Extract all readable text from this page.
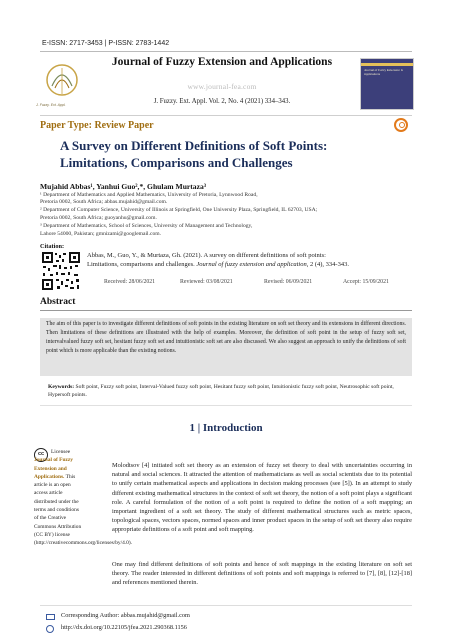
E-ISSN: 2717-3453 | P-ISSN: 2783-1442
J. Fuzzy. Ext. Appl.
Journal of Fuzzy Extension and Applications
www.journal-fea.com
J. Fuzzy. Ext. Appl. Vol. 2, No. 4 (2021) 334–343.
Journal of Fuzzy Extension & Applications
Paper Type: Review Paper
A Survey on Different Definitions of Soft Points:
Limitations, Comparisons and Challenges
Mujahid Abbas¹, Yanhui Guo²,*, Ghulam Murtaza³
¹ Department of Mathematics and Applied Mathematics, University of Pretoria, Lynnwood Road,
Pretoria 0002, South Africa; abbas.mujahid@gmail.com.
² Department of Computer Science, University of Illinois at Springfield, One University Plaza, Springfield, IL 62703, USA;
Pretoria 0002, South Africa; guoyanhu@gmail.com.
³ Department of Mathematics, School of Sciences, University of Management and Technology,
Lahore 54000, Pakistan; gmnizami@googlemail.com.
Citation:
Abbas, M., Guo, Y., & Murtaza, Gh. (2021). A survey on different definitions of soft points:
Limitations, comparisons and challenges. Journal of fuzzy extension and application, 2 (4), 334-343.
Received: 28/06/2021	Reviewed: 03/08/2021	Revised: 06/09/2021	Accept: 15/09/2021
Abstract
The aim of this paper is to investigate different definitions of soft points in the existing literature on soft set theory and its extensions in different directions. Then limitations of these definitions are illustrated with the help of examples. Moreover, the definition of soft point in the setup of fuzzy soft set, intervalvalued fuzzy soft set, hesitant fuzzy soft set and intuitionistic soft set are also discussed. We also suggest an approach to unify the definitions of soft point which is more applicable than the existing notions.
Keywords: Soft point, Fuzzy soft point, Interval-Valued fuzzy soft point, Hesitant fuzzy soft point, Intuitionistic fuzzy soft point, Neutrosophic soft point, Hypersoft points.
1 | Introduction
cc	Licensee Journal of Fuzzy Extension and Applications. This article is an open access article distributed under the terms and conditions of the Creative Commons Attribution (CC BY) license (http://creativecommons.org/licenses/by/4.0).
Molodtsov [4] initiated soft set theory as an extension of fuzzy set theory to deal with uncertainties occurring in natural and social sciences. It attracted the attention of mathematicians as well as social scientists due to its potential to unify certain mathematical aspects and applications in decision making processes (see [5]). In an attempt to study different existing mathematical structures in the context of soft set theory, the notion of a soft point plays a significant role. A careful formulation of the notion of a soft point is required to define the notion of a soft mapping; an important ingredient of a soft set theory. The study of different mathematical structures such as metric spaces, topological spaces, vectors spaces, normed spaces and inner product spaces in the setup of soft set theory also require appropriate definitions of a soft point and soft mapping.
One may find different definitions of soft points and hence of soft mappings in the existing literature on soft set theory. The reader interested in different definitions of soft points and soft mappings is referred to [7], [8], [12]-[18] and references mentioned therein.
Corresponding Author: abbas.mujahid@gmail.com
http://dx.doi.org/10.22105/jfea.2021.290368.1156
